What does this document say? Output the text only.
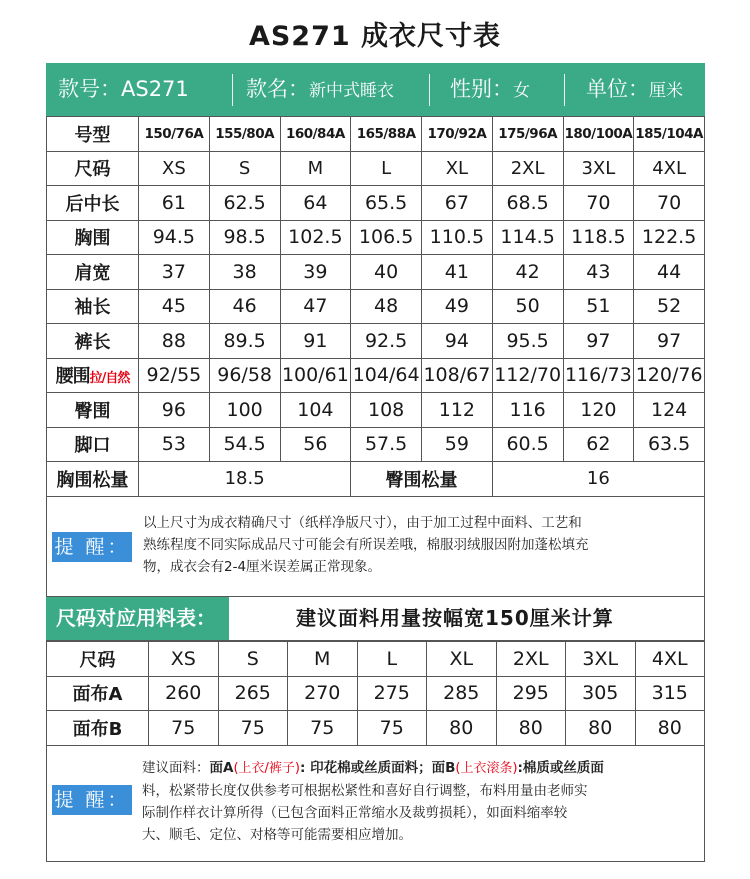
AS271 成衣尺寸表
款号：AS271	款名：新中式睡衣	性别：女	单位：厘米
号型	150/76A	155/80A	160/84A	165/88A	170/92A	175/96A	180/100A	185/104A
尺码	XS	S	M	L	XL	2XL	3XL	4XL
后中长	61	62.5	64	65.5	67	68.5	70	70
胸围	94.5	98.5	102.5	106.5	110.5	114.5	118.5	122.5
肩宽	37	38	39	40	41	42	43	44
袖长	45	46	47	48	49	50	51	52
裤长	88	89.5	91	92.5	94	95.5	97	97
腰围拉/自然	92/55	96/58	100/61	104/64	108/67	112/70	116/73	120/76
臀围	96	100	104	108	112	116	120	124
脚口	53	54.5	56	57.5	59	60.5	62	63.5
胸围松量	18.5			臀围松量		16		
提 醒：
以上尺寸为成衣精确尺寸（纸样净版尺寸），由于加工过程中面料、工艺和
熟练程度不同实际成品尺寸可能会有所误差哦，棉服羽绒服因附加蓬松填充
物，成衣会有2-4厘米误差属正常现象。
尺码对应用料表：	建议面料用量按幅宽150厘米计算
尺码	XS	S	M	L	XL	2XL	3XL	4XL
面布A	260	265	270	275	285	295	305	315
面布B	75	75	75	75	80	80	80	80
提 醒：
建议面料：面A(上衣/裤子): 印花棉或丝质面料；面B(上衣滚条):棉质或丝质面
料，松紧带长度仅供参考可根据松紧性和喜好自行调整，布料用量由老师实
际制作样衣计算所得（已包含面料正常缩水及裁剪损耗），如面料缩率较
大、顺毛、定位、对格等可能需要相应增加。
